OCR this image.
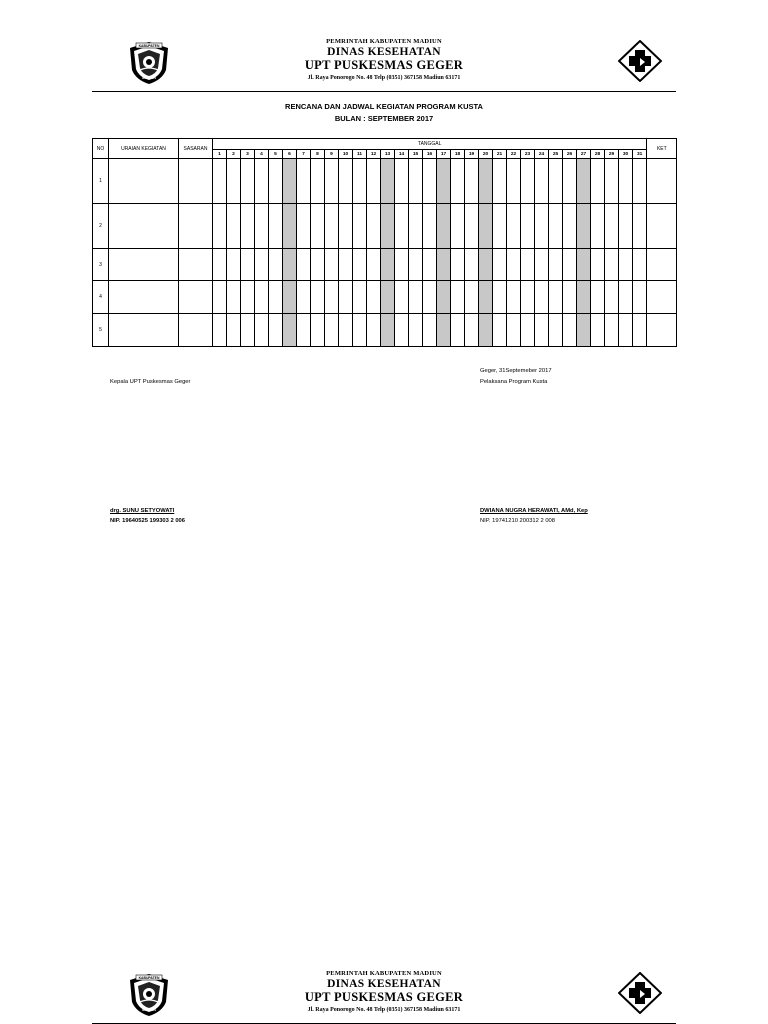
KABUPATEN
MADIUN
PEMRINTAH KABUPATEN MADIUN
DINAS KESEHATAN
UPT PUSKESMAS GEGER
Jl. Raya Ponorogo No. 48 Telp (0351) 367158 Madiun 63171
RENCANA DAN JADWAL KEGIATAN PROGRAM KUSTA
BULAN : SEPTEMBER 2017
NO	URAIAN KEGIATAN	SASARAN	TANGGAL																															KET
			1	2	3	4	5	6	7	8	9	10	11	12	13	14	15	16	17	18	19	20	21	22	23	24	25	26	27	28	29	30	31	
1																																		
2																																		
3																																		
4																																		
5																																		
Geger, 31Septemeber 2017
Kepala UPT Puskesmas Geger	Pelaksana Program Kusta
drg. SUNU SETYOWATI
NIP. 19640525 199303 2 006
DWIANA NUGRA HERAWATI, AMd, Kep
NIP. 19741210 200312 2 008
KABUPATEN
MADIUN
PEMRINTAH KABUPATEN MADIUN
DINAS KESEHATAN
UPT PUSKESMAS GEGER
Jl. Raya Ponorogo No. 48 Telp (0351) 367158 Madiun 63171
